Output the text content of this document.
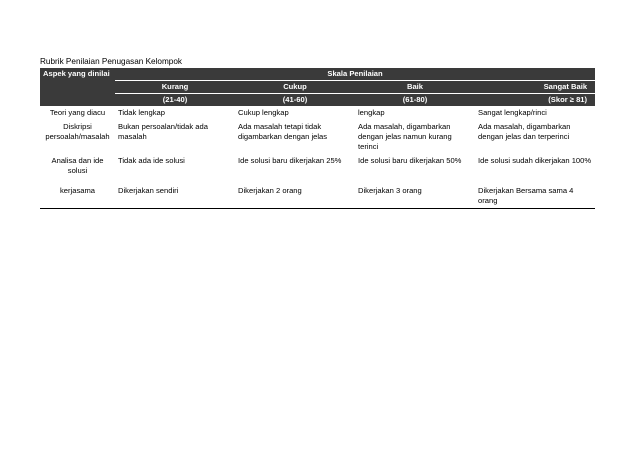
Rubrik Penilaian Penugasan Kelompok
Aspek yang dinilai	Skala Penilaian			
	Kurang	Cukup	Baik	Sangat Baik
	(21-40)	(41-60)	(61-80)	(Skor ≥ 81)
Teori yang diacu	Tidak lengkap	Cukup lengkap	lengkap	Sangat lengkap/rinci
Diskripsi persoalah/masalah	Bukan persoalan/tidak ada masalah	Ada masalah tetapi tidak digambarkan dengan jelas	Ada masalah, digambarkan dengan jelas namun kurang terinci	Ada masalah, digambarkan dengan jelas dan terperinci
Analisa dan ide solusi	Tidak ada ide solusi	Ide solusi baru dikerjakan 25%	Ide solusi baru dikerjakan 50%	Ide solusi sudah dikerjakan 100%
kerjasama	Dikerjakan sendiri	Dikerjakan 2 orang	Dikerjakan 3 orang	Dikerjakan Bersama sama 4 orang
